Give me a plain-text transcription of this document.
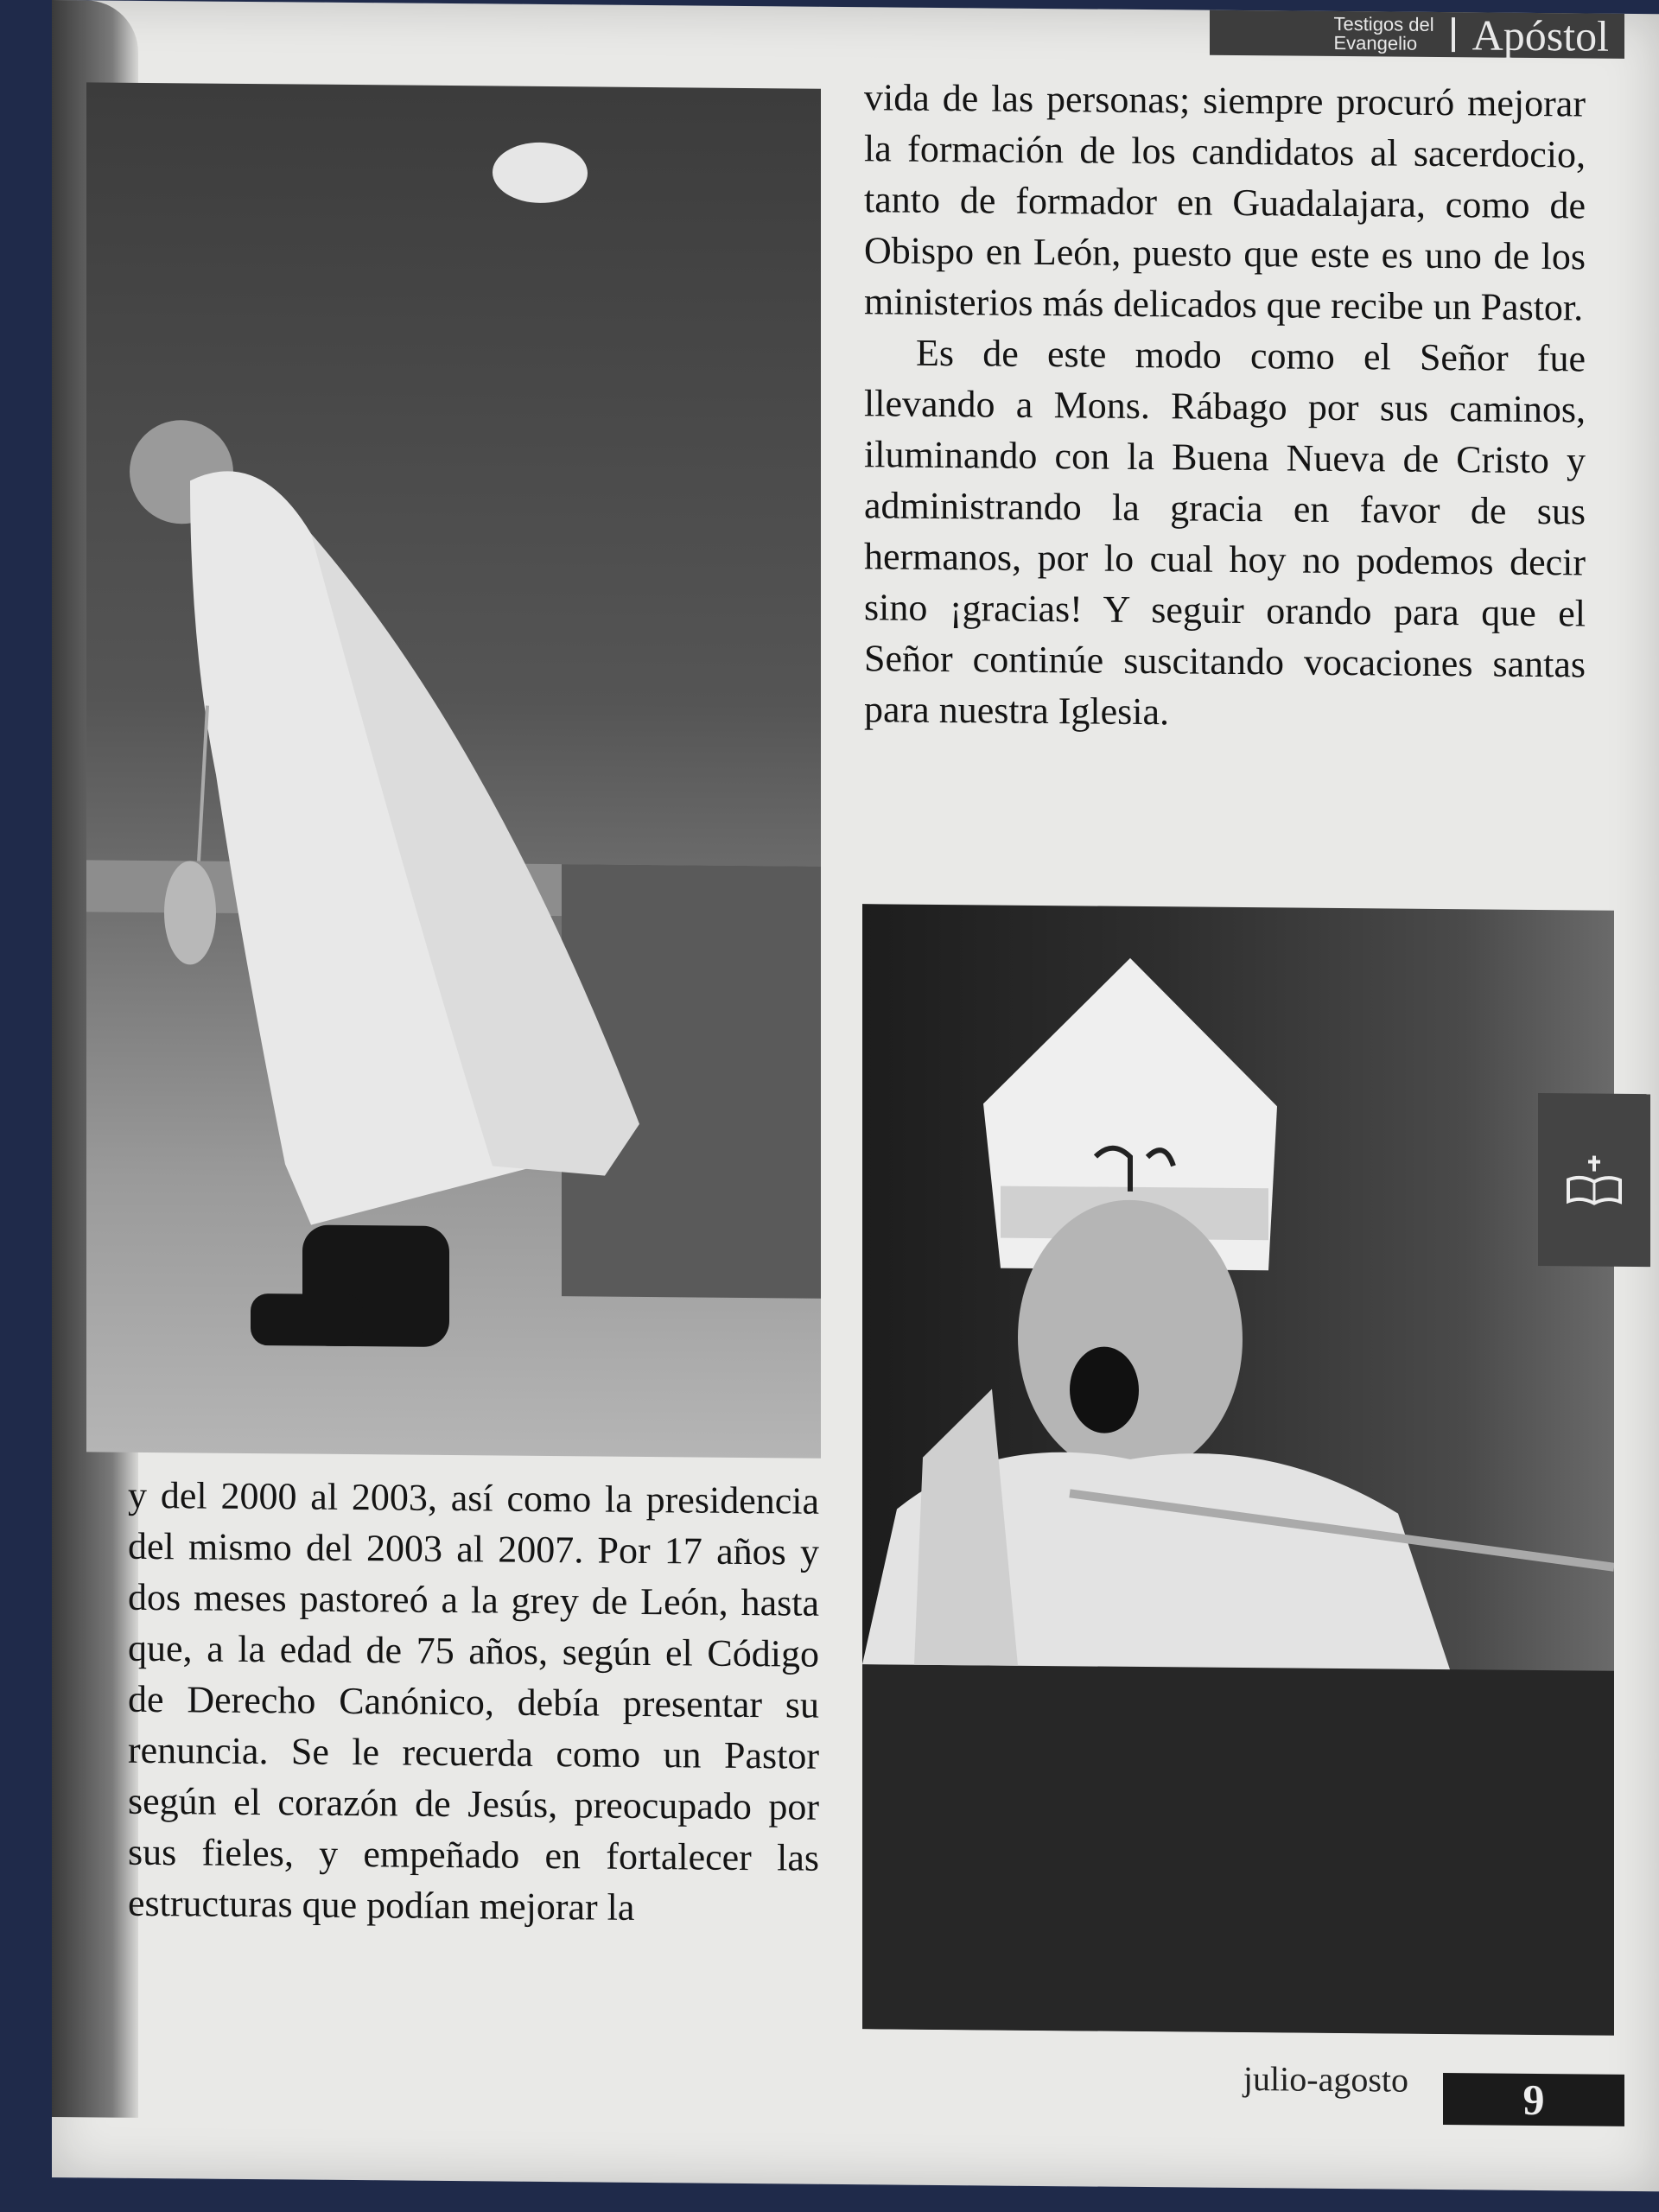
Testigos del
Evangelio	Apóstol

vida de las personas; siempre procuró mejorar la formación de los candidatos al sacerdocio, tanto de formador en Guadalajara, como de Obispo en León, puesto que este es uno de los ministerios más delicados que recibe un Pastor.

Es de este modo como el Señor fue llevando a Mons. Rábago por sus caminos, iluminando con la Buena Nueva de Cristo y administrando la gracia en favor de sus hermanos, por lo cual hoy no podemos decir sino ¡gracias! Y seguir orando para que el Señor continúe suscitando vocaciones santas para nuestra Iglesia.

y del 2000 al 2003, así como la presidencia del mismo del 2003 al 2007. Por 17 años y dos meses pastoreó a la grey de León, hasta que, a la edad de 75 años, según el Código de Derecho Canónico, debía presentar su renuncia. Se le recuerda como un Pastor según el corazón de Jesús, preocupado por sus fieles, y empeñado en fortalecer las estructuras que podían mejorar la

julio-agosto	9
